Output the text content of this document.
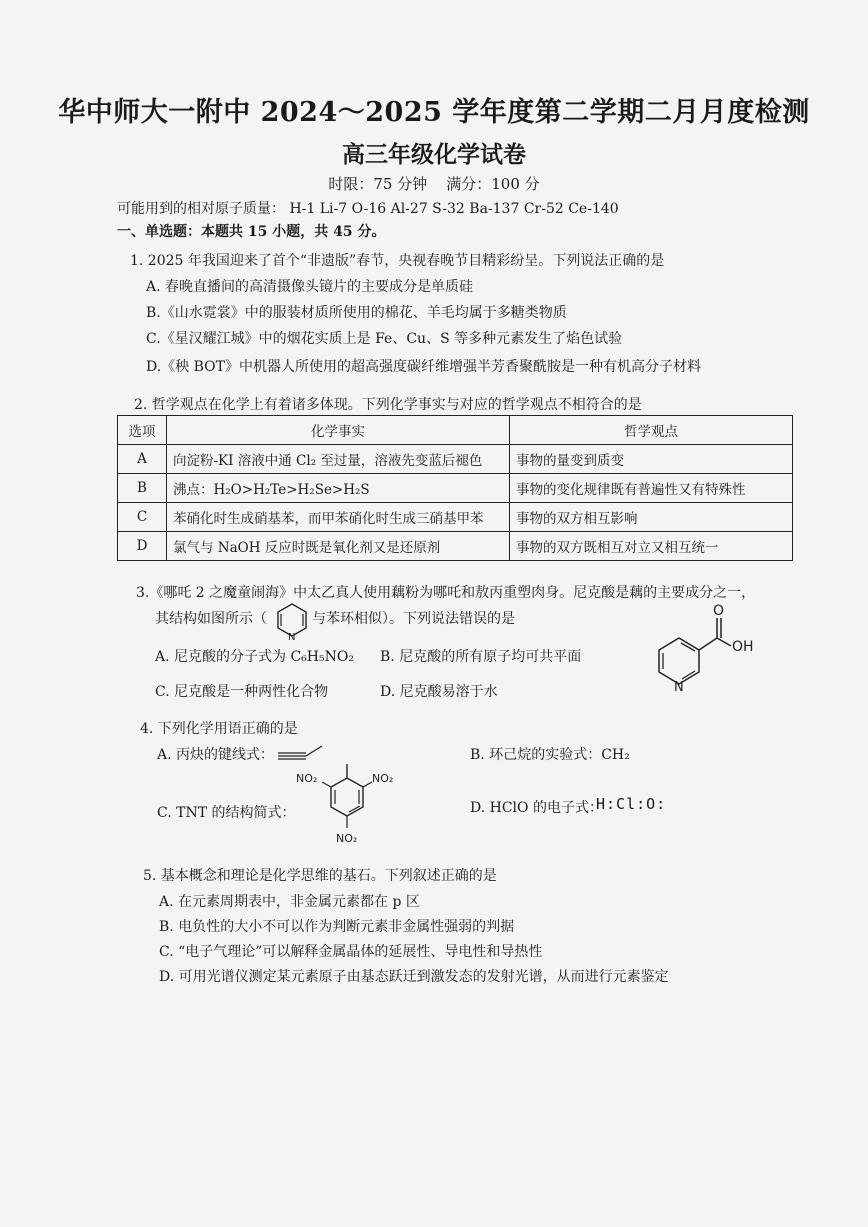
华中师大一附中 2024～2025 学年度第二学期二月月度检测
高三年级化学试卷
时限：75 分钟    满分：100 分
可能用到的相对原子质量： H-1 Li-7 O-16 Al-27 S-32 Ba-137 Cr-52 Ce-140
一、单选题：本题共 15 小题，共 45 分。
1. 2025 年我国迎来了首个“非遗版”春节，央视春晚节目精彩纷呈。下列说法正确的是
A. 春晚直播间的高清摄像头镜片的主要成分是单质硅
B.《山水霓裳》中的服装材质所使用的棉花、羊毛均属于多糖类物质
C.《星汉耀江城》中的烟花实质上是 Fe、Cu、S 等多种元素发生了焰色试验
D.《秧 BOT》中机器人所使用的超高强度碳纤维增强半芳香聚酰胺是一种有机高分子材料
2. 哲学观点在化学上有着诸多体现。下列化学事实与对应的哲学观点不相符合的是
选项	化学事实	哲学观点
A	向淀粉-KI 溶液中通 Cl₂ 至过量，溶液先变蓝后褪色	事物的量变到质变
B	沸点：H₂O>H₂Te>H₂Se>H₂S	事物的变化规律既有普遍性又有特殊性
C	苯硝化时生成硝基苯，而甲苯硝化时生成三硝基甲苯	事物的双方相互影响
D	氯气与 NaOH 反应时既是氧化剂又是还原剂	事物的双方既相互对立又相互统一
3.《哪吒 2 之魔童闹海》中太乙真人使用藕粉为哪吒和敖丙重塑肉身。尼克酸是藕的主要成分之一，
其结构如图所示（
N
与苯环相似）。下列说法错误的是
A. 尼克酸的分子式为 C₆H₅NO₂ B. 尼克酸的所有原子均可共平面
C. 尼克酸是一种两性化合物	D. 尼克酸易溶于水
O
OH
N
4. 下列化学用语正确的是
A. 丙炔的键线式：	B. 环己烷的实验式：CH₂
C. TNT 的结构简式：
NO₂	NO₂
NO₂
D. HClO 的电子式：
H:Cl:O:
5. 基本概念和理论是化学思维的基石。下列叙述正确的是
A. 在元素周期表中，非金属元素都在 p 区
B. 电负性的大小不可以作为判断元素非金属性强弱的判据
C. “电子气理论”可以解释金属晶体的延展性、导电性和导热性
D. 可用光谱仪测定某元素原子由基态跃迁到激发态的发射光谱，从而进行元素鉴定
